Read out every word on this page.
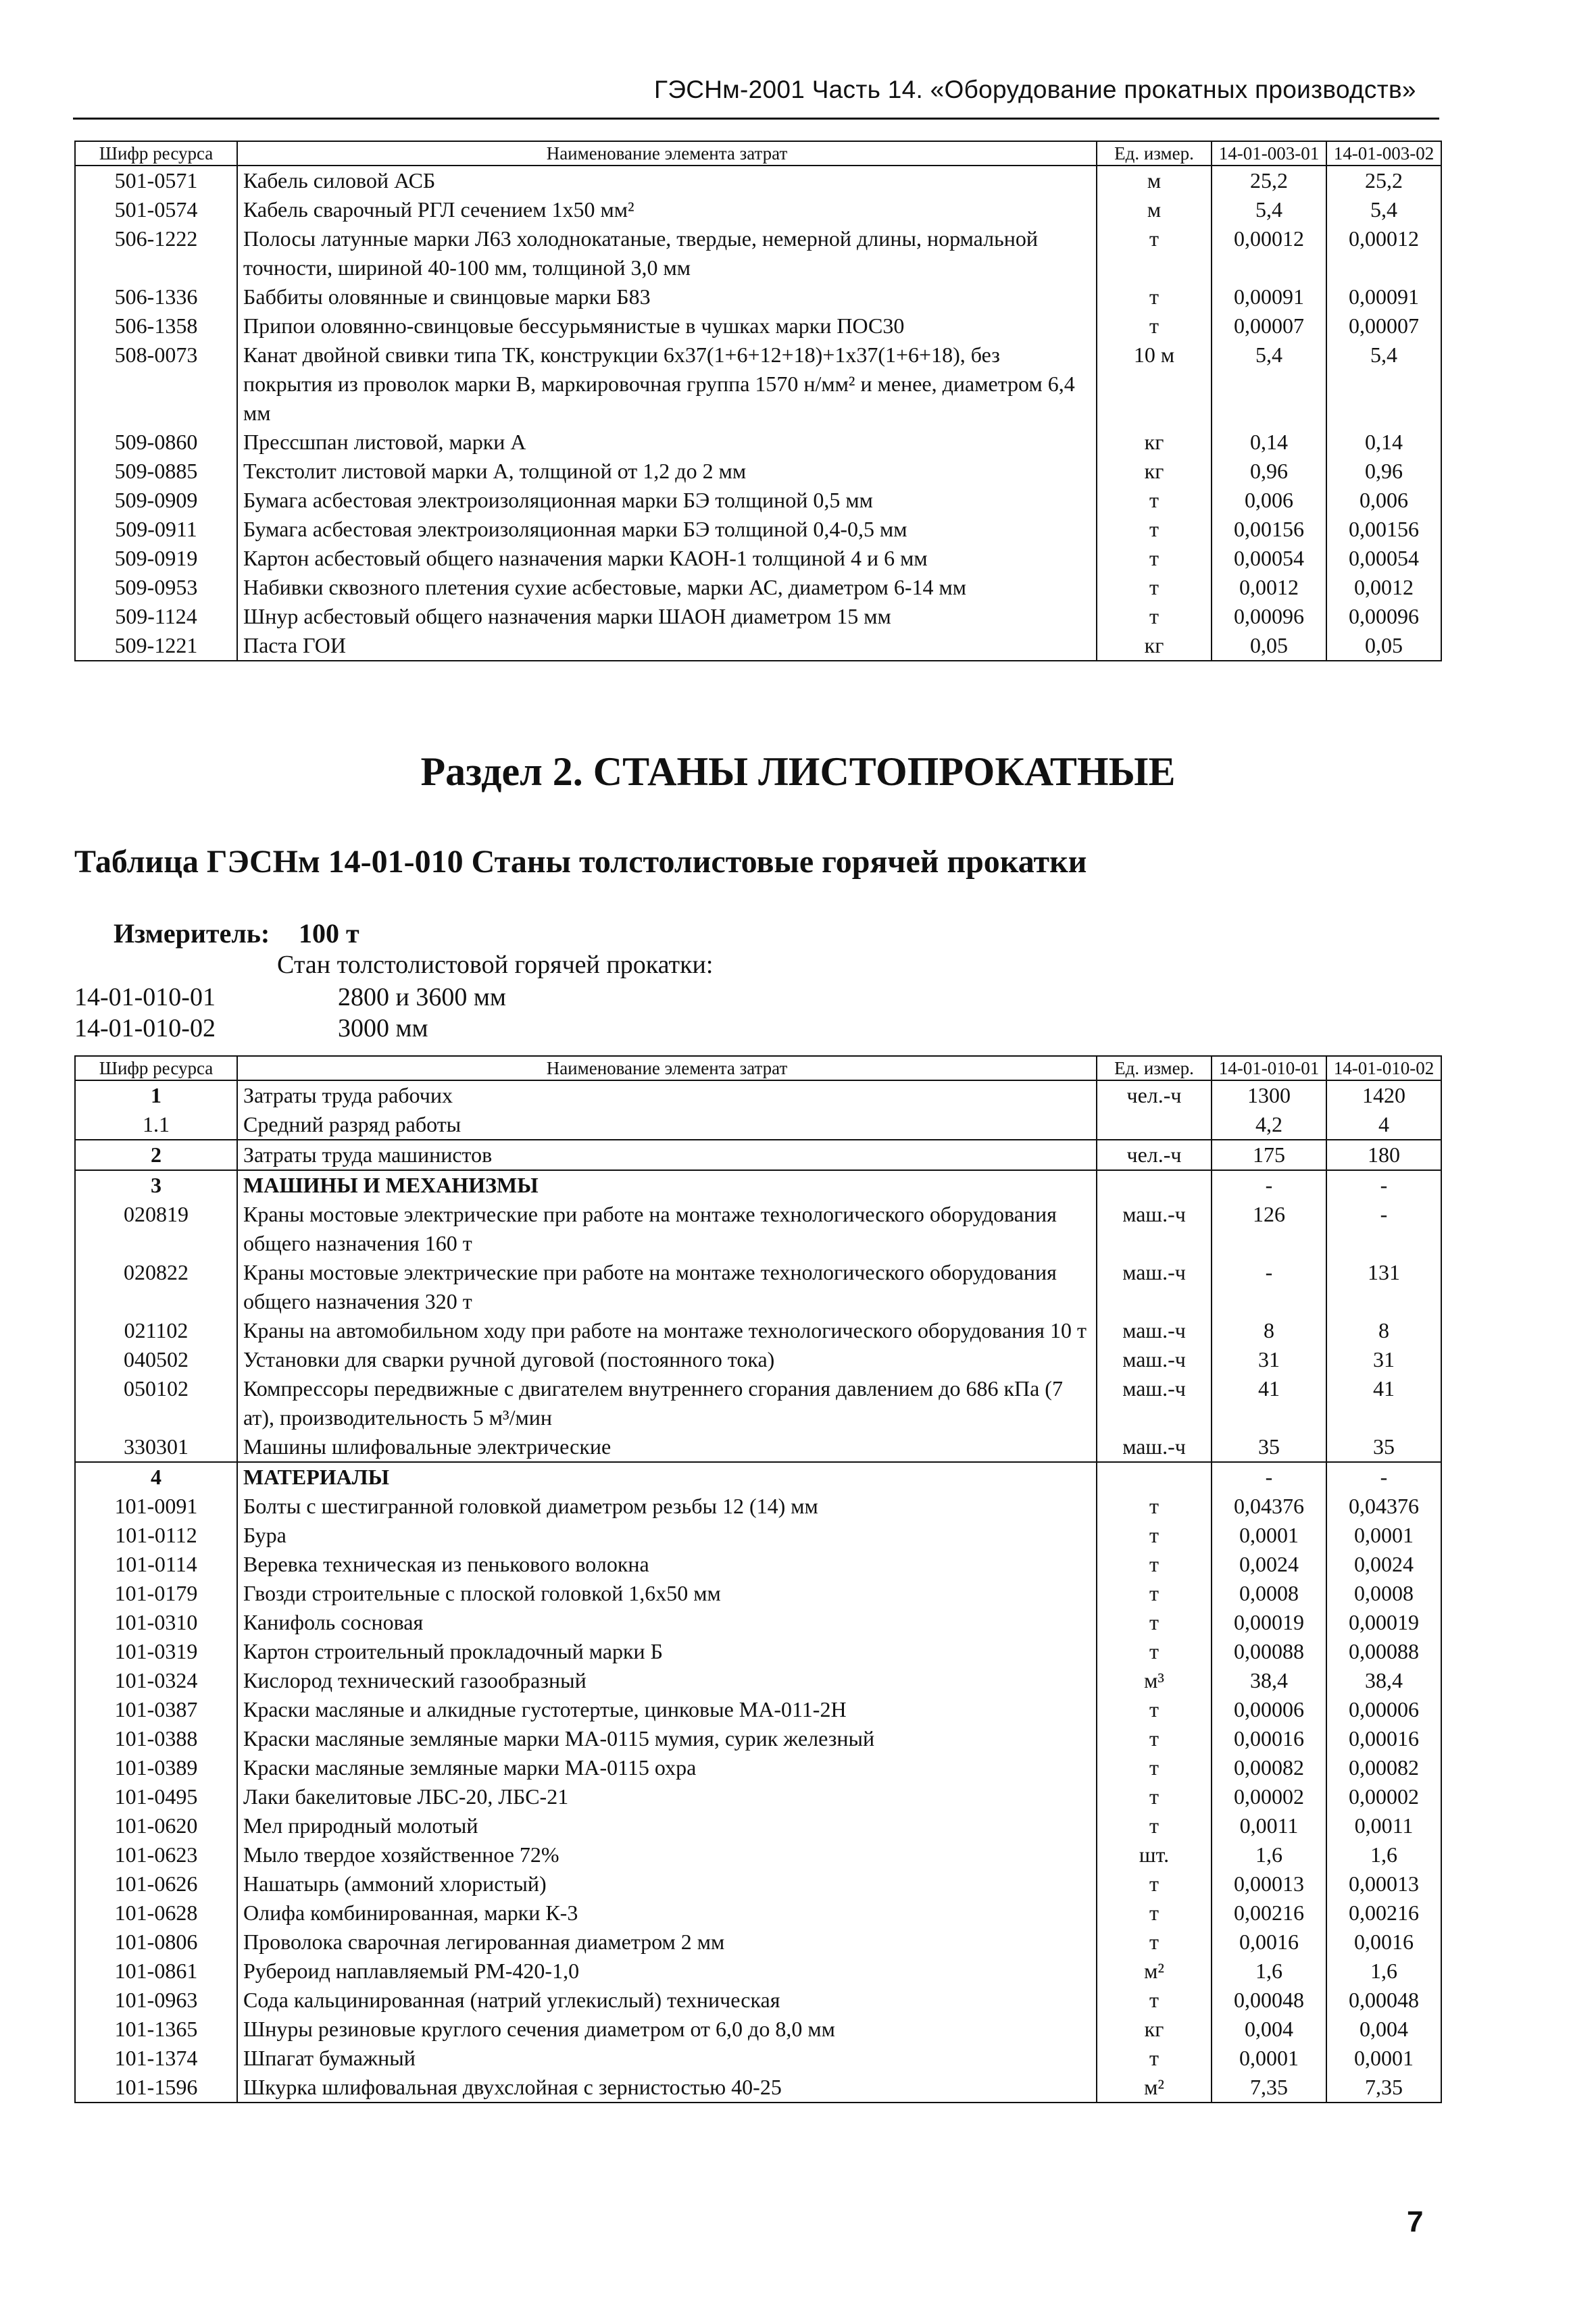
ГЭСНм-2001 Часть 14. «Оборудование прокатных производств»
Шифр ресурса	Наименование элемента затрат	Ед. измер.	14-01-003-01	14-01-003-02
501-0571	Кабель силовой АСБ	м	25,2	25,2
501-0574	Кабель сварочный РГЛ сечением 1х50 мм²	м	5,4	5,4
506-1222	Полосы латунные марки Л63 холоднокатаные, твердые, немерной длины, нормальной точности, шириной 40-100 мм, толщиной 3,0 мм	т	0,00012	0,00012
506-1336	Баббиты оловянные и свинцовые марки Б83	т	0,00091	0,00091
506-1358	Припои оловянно-свинцовые бессурьмянистые в чушках марки ПОС30	т	0,00007	0,00007
508-0073	Канат двойной свивки типа ТК, конструкции 6х37(1+6+12+18)+1х37(1+6+18), без покрытия из проволок марки В, маркировочная группа 1570 н/мм² и менее, диаметром 6,4 мм	10 м	5,4	5,4
509-0860	Прессшпан листовой, марки А	кг	0,14	0,14
509-0885	Текстолит листовой марки А, толщиной от 1,2 до 2 мм	кг	0,96	0,96
509-0909	Бумага асбестовая электроизоляционная марки БЭ толщиной 0,5 мм	т	0,006	0,006
509-0911	Бумага асбестовая электроизоляционная марки БЭ толщиной 0,4-0,5 мм	т	0,00156	0,00156
509-0919	Картон асбестовый общего назначения марки КАОН-1 толщиной 4 и 6 мм	т	0,00054	0,00054
509-0953	Набивки сквозного плетения сухие асбестовые, марки АС, диаметром 6-14 мм	т	0,0012	0,0012
509-1124	Шнур асбестовый общего назначения марки ШАОН диаметром 15 мм	т	0,00096	0,00096
509-1221	Паста ГОИ	кг	0,05	0,05
Раздел 2. СТАНЫ ЛИСТОПРОКАТНЫЕ
Таблица ГЭСНм 14-01-010 Станы толстолистовые горячей прокатки
Измеритель: 100 т
Стан толстолистовой горячей прокатки:
14-01-010-01	2800 и 3600 мм
14-01-010-02	3000 мм
Шифр ресурса	Наименование элемента затрат	Ед. измер.	14-01-010-01	14-01-010-02
1	Затраты труда рабочих	чел.-ч	1300	1420
1.1	Средний разряд работы		4,2	4
2	Затраты труда машинистов	чел.-ч	175	180
3	МАШИНЫ И МЕХАНИЗМЫ		-	-
020819	Краны мостовые электрические при работе на монтаже технологического оборудования общего назначения 160 т	маш.-ч	126	-
020822	Краны мостовые электрические при работе на монтаже технологического оборудования общего назначения 320 т	маш.-ч	-	131
021102	Краны на автомобильном ходу при работе на монтаже технологического оборудования 10 т	маш.-ч	8	8
040502	Установки для сварки ручной дуговой (постоянного тока)	маш.-ч	31	31
050102	Компрессоры передвижные с двигателем внутреннего сгорания давлением до 686 кПа (7 ат), производительность 5 м³/мин	маш.-ч	41	41
330301	Машины шлифовальные электрические	маш.-ч	35	35
4	МАТЕРИАЛЫ		-	-
101-0091	Болты с шестигранной головкой диаметром резьбы 12 (14) мм	т	0,04376	0,04376
101-0112	Бура	т	0,0001	0,0001
101-0114	Веревка техническая из пенькового волокна	т	0,0024	0,0024
101-0179	Гвозди строительные с плоской головкой 1,6х50 мм	т	0,0008	0,0008
101-0310	Канифоль сосновая	т	0,00019	0,00019
101-0319	Картон строительный прокладочный марки Б	т	0,00088	0,00088
101-0324	Кислород технический газообразный	м³	38,4	38,4
101-0387	Краски масляные и алкидные густотертые, цинковые МА-011-2Н	т	0,00006	0,00006
101-0388	Краски масляные земляные марки МА-0115 мумия, сурик железный	т	0,00016	0,00016
101-0389	Краски масляные земляные марки МА-0115 охра	т	0,00082	0,00082
101-0495	Лаки бакелитовые ЛБС-20, ЛБС-21	т	0,00002	0,00002
101-0620	Мел природный молотый	т	0,0011	0,0011
101-0623	Мыло твердое хозяйственное 72%	шт.	1,6	1,6
101-0626	Нашатырь (аммоний хлористый)	т	0,00013	0,00013
101-0628	Олифа комбинированная, марки К-3	т	0,00216	0,00216
101-0806	Проволока сварочная легированная диаметром 2 мм	т	0,0016	0,0016
101-0861	Рубероид наплавляемый РМ-420-1,0	м²	1,6	1,6
101-0963	Сода кальцинированная (натрий углекислый) техническая	т	0,00048	0,00048
101-1365	Шнуры резиновые круглого сечения диаметром от 6,0 до 8,0 мм	кг	0,004	0,004
101-1374	Шпагат бумажный	т	0,0001	0,0001
101-1596	Шкурка шлифовальная двухслойная с зернистостью 40-25	м²	7,35	7,35
7
